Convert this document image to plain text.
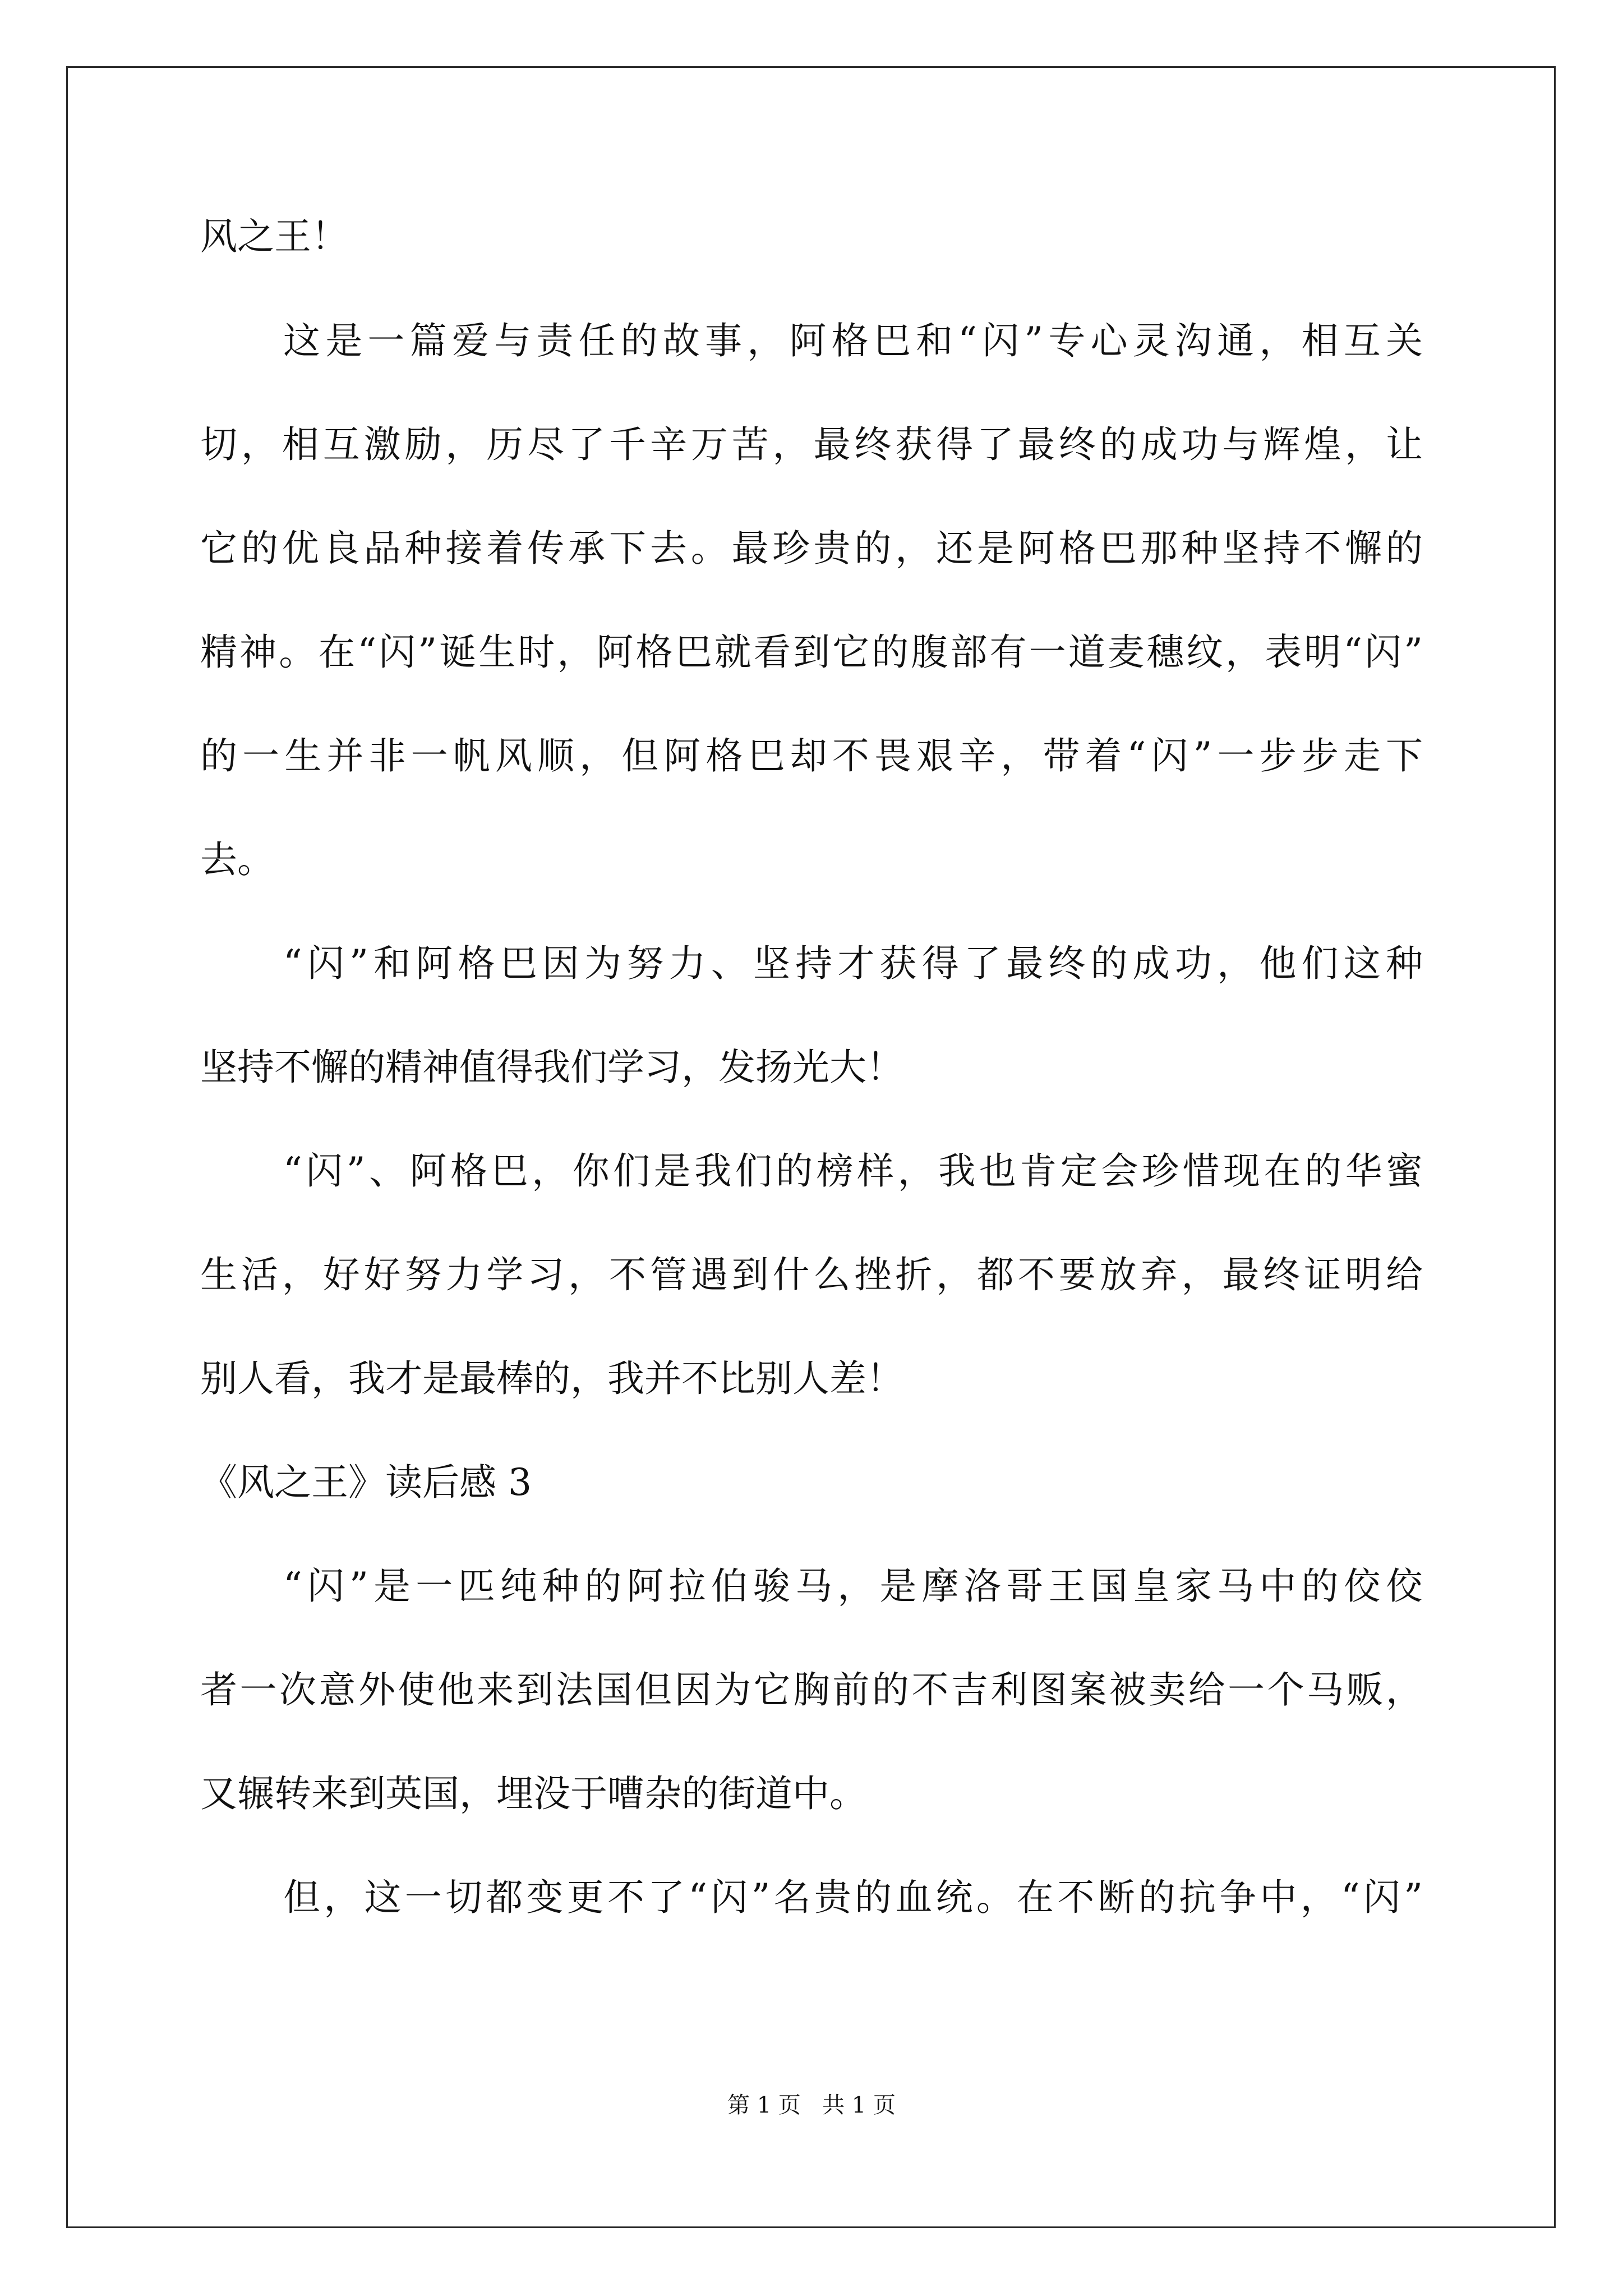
风之王！
这是一篇爱与责任的故事，阿格巴和“闪”专心灵沟通，相互关
切，相互激励，历尽了千辛万苦，最终获得了最终的成功与辉煌，让
它的优良品种接着传承下去。最珍贵的，还是阿格巴那种坚持不懈的
精神。在“闪”诞生时，阿格巴就看到它的腹部有一道麦穗纹，表明“闪”
的一生并非一帆风顺，但阿格巴却不畏艰辛，带着“闪”一步步走下
去。
“闪”和阿格巴因为努力、坚持才获得了最终的成功，他们这种
坚持不懈的精神值得我们学习，发扬光大！
“闪”、阿格巴，你们是我们的榜样，我也肯定会珍惜现在的华蜜
生活，好好努力学习，不管遇到什么挫折，都不要放弃，最终证明给
别人看，我才是最棒的，我并不比别人差！
《风之王》读后感 3
“闪”是一匹纯种的阿拉伯骏马，是摩洛哥王国皇家马中的佼佼
者一次意外使他来到法国但因为它胸前的不吉利图案被卖给一个马贩，
又辗转来到英国，埋没于嘈杂的街道中。
但，这一切都变更不了“闪”名贵的血统。在不断的抗争中，“闪”
第 1 页   共 1 页
